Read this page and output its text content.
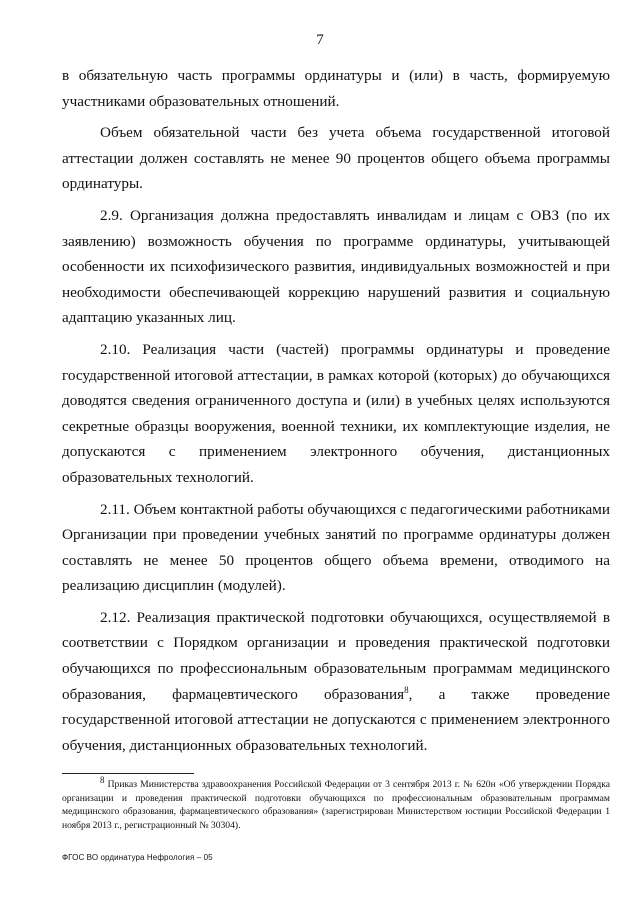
7

в обязательную часть программы ординатуры и (или) в часть, формируемую участниками образовательных отношений.

Объем обязательной части без учета объема государственной итоговой аттестации должен составлять не менее 90 процентов общего объема программы ординатуры.

2.9. Организация должна предоставлять инвалидам и лицам с ОВЗ (по их заявлению) возможность обучения по программе ординатуры, учитывающей особенности их психофизического развития, индивидуальных возможностей и при необходимости обеспечивающей коррекцию нарушений развития и социальную адаптацию указанных лиц.

2.10. Реализация части (частей) программы ординатуры и проведение государственной итоговой аттестации, в рамках которой (которых) до обучающихся доводятся сведения ограниченного доступа и (или) в учебных целях используются секретные образцы вооружения, военной техники, их комплектующие изделия, не допускаются с применением электронного обучения, дистанционных образовательных технологий.

2.11. Объем контактной работы обучающихся с педагогическими работниками Организации при проведении учебных занятий по программе ординатуры должен составлять не менее 50 процентов общего объема времени, отводимого на реализацию дисциплин (модулей).

2.12. Реализация практической подготовки обучающихся, осуществляемой в соответствии с Порядком организации и проведения практической подготовки обучающихся по профессиональным образовательным программам медицинского образования, фармацевтического образования$^8$, а также проведение государственной итоговой аттестации не допускаются с применением электронного обучения, дистанционных образовательных технологий.

$^8$ Приказ Министерства здравоохранения Российской Федерации от 3 сентября 2013 г. № 620н «Об утверждении Порядка организации и проведения практической подготовки обучающихся по профессиональным образовательным программам медицинского образования, фармацевтического образования» (зарегистрирован Министерством юстиции Российской Федерации 1 ноября 2013 г., регистрационный № 30304).

ФГОС ВО ординатура Нефрология – 05
